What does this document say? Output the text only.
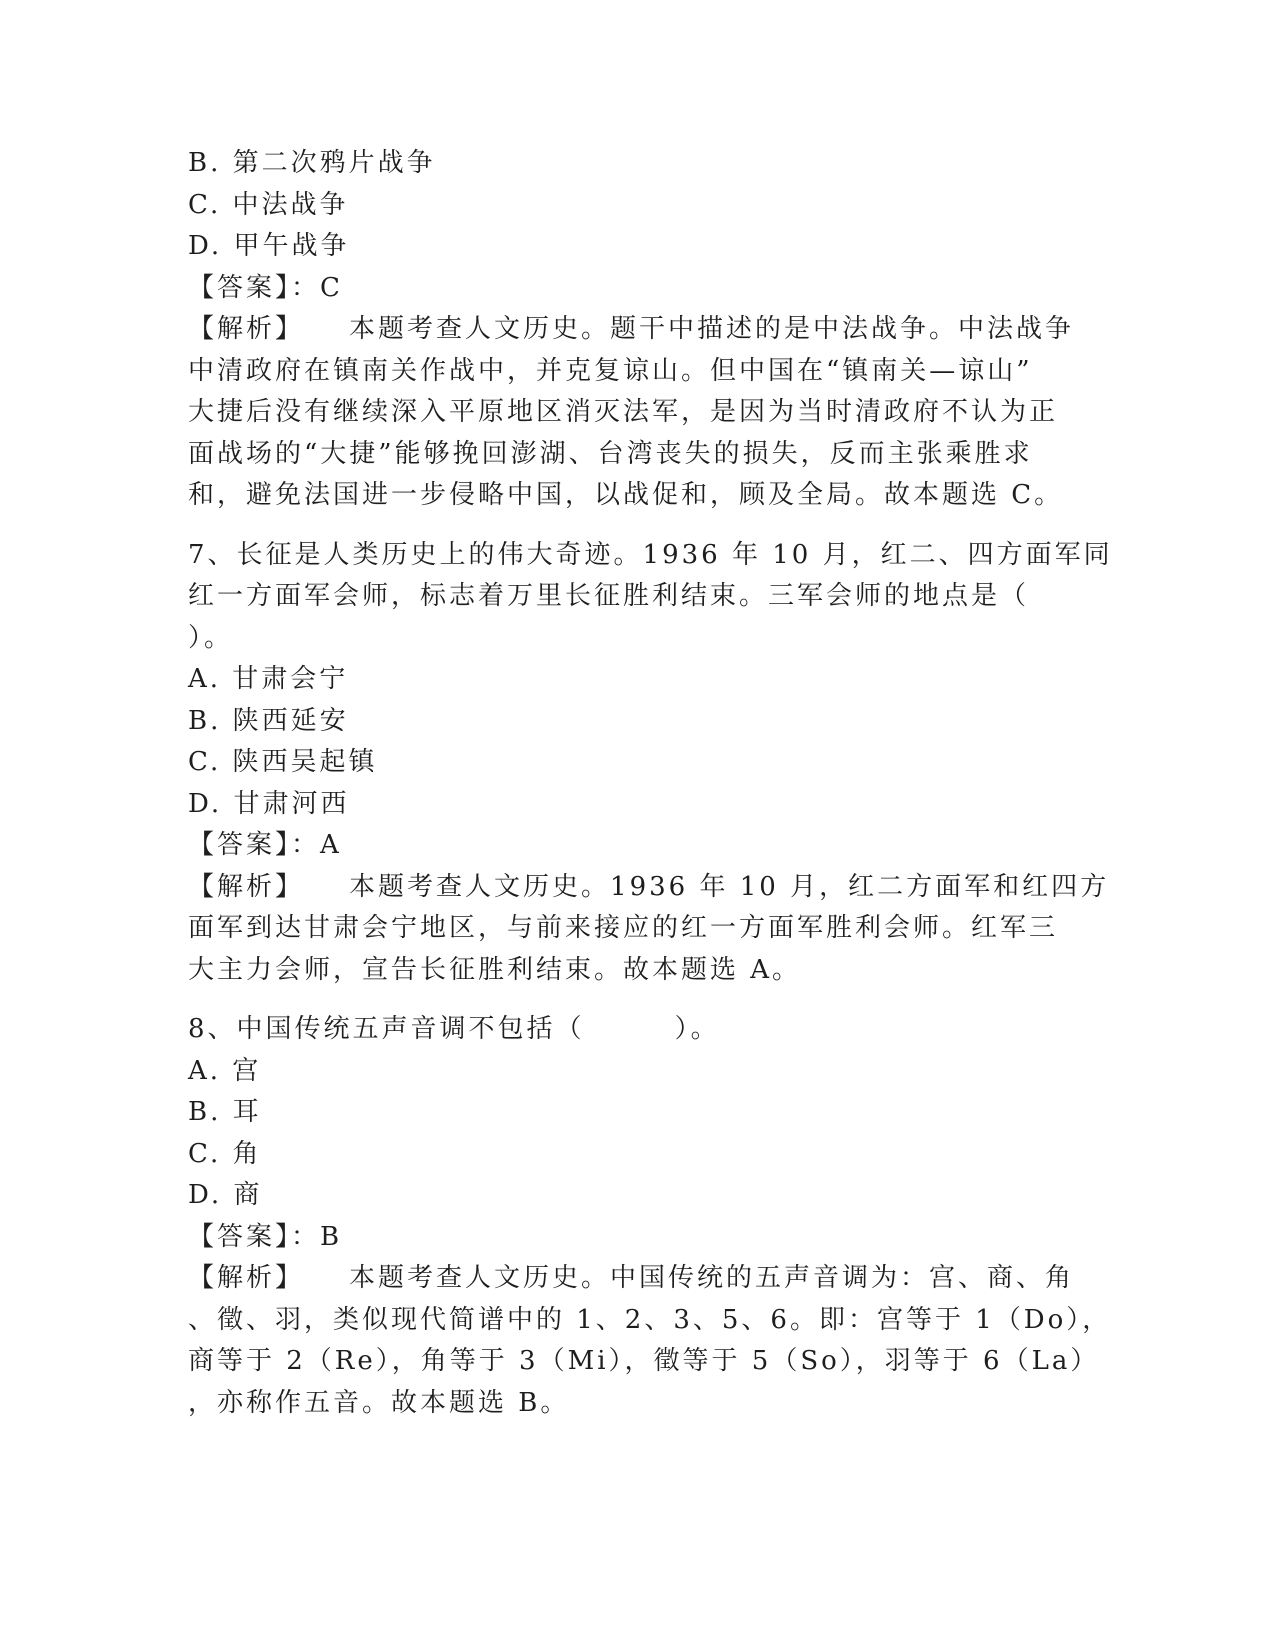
B. 第二次鸦片战争
C. 中法战争
D. 甲午战争
【答案】：C
【解析】    本题考查人文历史。题干中描述的是中法战争。中法战争
中清政府在镇南关作战中，并克复谅山。但中国在“镇南关—谅山”
大捷后没有继续深入平原地区消灭法军，是因为当时清政府不认为正
面战场的“大捷”能够挽回澎湖、台湾丧失的损失，反而主张乘胜求
和，避免法国进一步侵略中国，以战促和，顾及全局。故本题选 C。
7、长征是人类历史上的伟大奇迹。1936 年 10 月，红二、四方面军同
红一方面军会师，标志着万里长征胜利结束。三军会师的地点是（
）。
A. 甘肃会宁
B. 陕西延安
C. 陕西吴起镇
D. 甘肃河西
【答案】：A
【解析】    本题考查人文历史。1936 年 10 月，红二方面军和红四方
面军到达甘肃会宁地区，与前来接应的红一方面军胜利会师。红军三
大主力会师，宣告长征胜利结束。故本题选 A。
8、中国传统五声音调不包括（        ）。
A. 宫
B. 耳
C. 角
D. 商
【答案】：B
【解析】    本题考查人文历史。中国传统的五声音调为：宫、商、角
、徵、羽，类似现代简谱中的 1、2、3、5、6。即：宫等于 1（Do），
商等于 2（Re），角等于 3（Mi），徵等于 5（So），羽等于 6（La）
，亦称作五音。故本题选 B。
